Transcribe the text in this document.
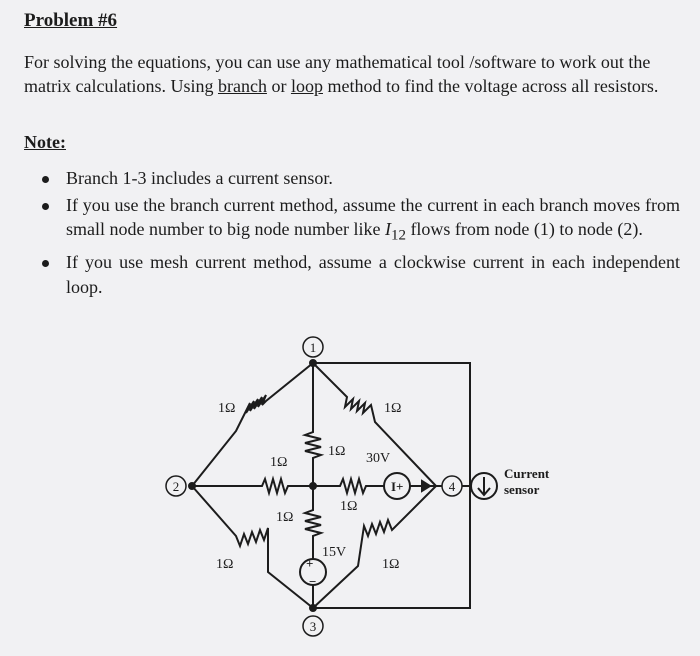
Problem #6
For solving the equations, you can use any mathematical tool /software to work out the matrix calculations. Using branch or loop method to find the voltage across all resistors.
Note:
Branch 1-3 includes a current sensor.
If you use the branch current method, assume the current in each branch moves from small node number to big node number like $I_{12}$ flows from node (1) to node (2).
If you use mesh current method, assume a clockwise current in each independent loop.
1
2
3
4
1Ω
1Ω
1Ω
1Ω
1Ω
1Ω
1Ω
1Ω
30V
15V
I+
+
−
Current
sensor
